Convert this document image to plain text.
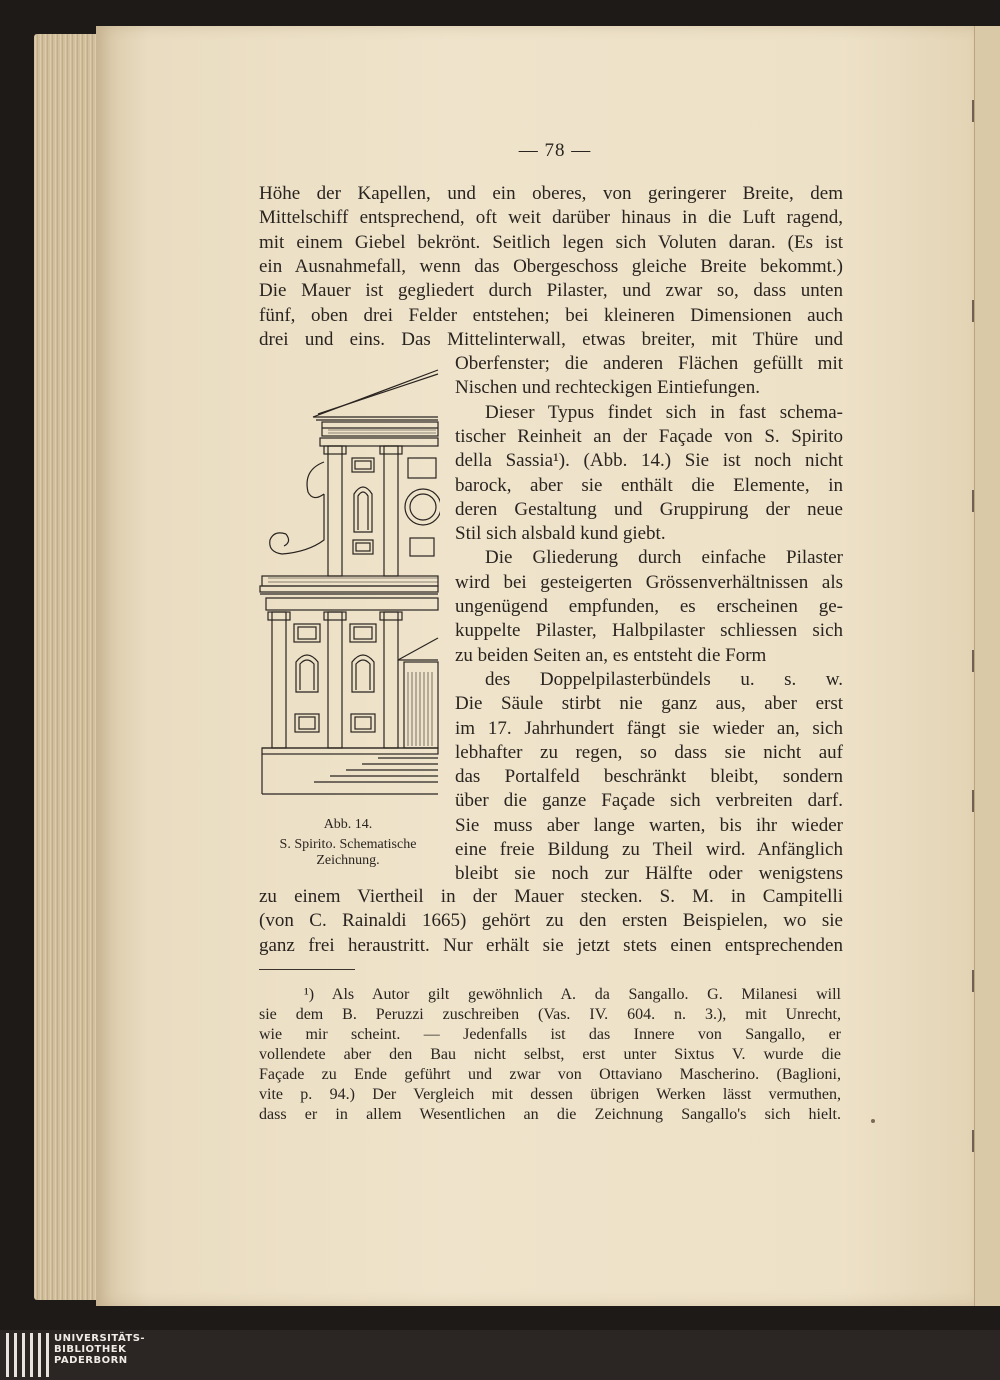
— 78 —
Höhe der Kapellen, und ein oberes, von geringerer Breite, dem
Mittelschiff entsprechend, oft weit darüber hinaus in die Luft ragend,
mit einem Giebel bekrönt. Seitlich legen sich Voluten daran. (Es ist
ein Ausnahmefall, wenn das Obergeschoss gleiche Breite bekommt.)
Die Mauer ist gegliedert durch Pilaster, und zwar so, dass unten
fünf, oben drei Felder entstehen; bei kleineren Dimensionen auch
drei und eins. Das Mittelinterwall, etwas breiter, mit Thüre und
Oberfenster; die anderen Flächen gefüllt mit
Nischen und rechteckigen Eintiefungen.
Dieser Typus findet sich in fast schema-
tischer Reinheit an der Façade von S. Spirito
della Sassia¹). (Abb. 14.) Sie ist noch nicht
barock, aber sie enthält die Elemente, in
deren Gestaltung und Gruppirung der neue
Stil sich alsbald kund giebt.
Die Gliederung durch einfache Pilaster
wird bei gesteigerten Grössenverhältnissen als
ungenügend empfunden, es erscheinen ge-
kuppelte Pilaster, Halbpilaster schliessen sich
zu beiden Seiten an, es entsteht die Form
des Doppelpilasterbündels u. s. w.
Die Säule stirbt nie ganz aus, aber erst
im 17. Jahrhundert fängt sie wieder an, sich
lebhafter zu regen, so dass sie nicht auf
das Portalfeld beschränkt bleibt, sondern
über die ganze Façade sich verbreiten darf.
Sie muss aber lange warten, bis ihr wieder
eine freie Bildung zu Theil wird. Anfänglich
bleibt sie noch zur Hälfte oder wenigstens
zu einem Viertheil in der Mauer stecken. S. M. in Campitelli
(von C. Rainaldi 1665) gehört zu den ersten Beispielen, wo sie
ganz frei heraustritt. Nur erhält sie jetzt stets einen entsprechenden
Abb. 14.
S. Spirito. Schematische
Zeichnung.
¹) Als Autor gilt gewöhnlich A. da Sangallo. G. Milanesi will
sie dem B. Peruzzi zuschreiben (Vas. IV. 604. n. 3.), mit Unrecht,
wie mir scheint. — Jedenfalls ist das Innere von Sangallo, er
vollendete aber den Bau nicht selbst, erst unter Sixtus V. wurde die
Façade zu Ende geführt und zwar von Ottaviano Mascherino. (Baglioni,
vite p. 94.) Der Vergleich mit dessen übrigen Werken lässt vermuthen,
dass er in allem Wesentlichen an die Zeichnung Sangallo's sich hielt.
UNIVERSITÄTS-
BIBLIOTHEK
PADERBORN
